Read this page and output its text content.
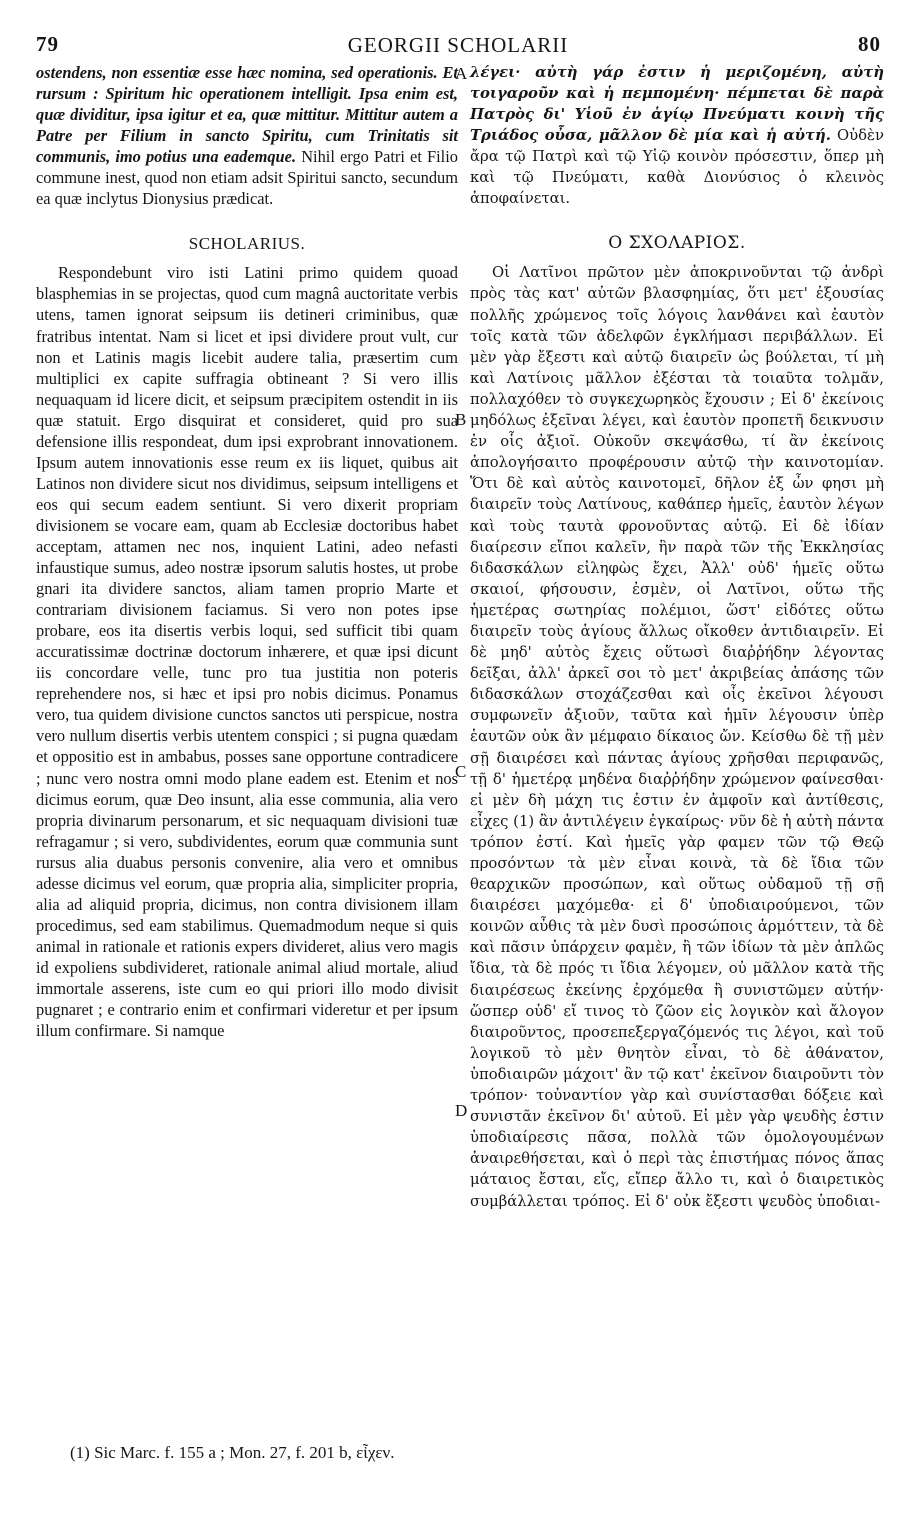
79	GEORGII SCHOLARII	80

ostendens, non essentiæ esse hæc nomina, sed operationis. Et rursum : Spiritum hic operationem intelligit. Ipsa enim est, quæ dividitur, ipsa igitur et ea, quæ mittitur. Mittitur autem a Patre per Filium in sancto Spiritu, cum Trinitatis sit communis, imo potius una eademque. Nihil ergo Patri et Filio commune inest, quod non etiam adsit Spiritui sancto, secundum ea quæ inclytus Dionysius prædicat.

SCHOLARIUS.

Respondebunt viro isti Latini primo quidem quoad blasphemias in se projectas, quod cum magnâ auctoritate verbis utens, tamen ignorat seipsum iis detineri criminibus, quæ fratribus intentat. Nam si licet et ipsi dividere prout vult, cur non et Latinis magis licebit audere talia, præsertim cum multiplici ex capite suffragia obtineant ? Si vero illis nequaquam id licere dicit, et seipsum præcipitem ostendit in iis quæ statuit. Ergo disquirat et consideret, quid pro sua defensione illis respondeat, dum ipsi exprobrant innovationem. Ipsum autem innovationis esse reum ex iis liquet, quibus ait Latinos non dividere sicut nos dividimus, seipsum intelligens et eos qui secum eadem sentiunt. Si vero dixerit propriam divisionem se vocare eam, quam ab Ecclesiæ doctoribus habet acceptam, attamen nec nos, inquient Latini, adeo nefasti infaustique sumus, adeo nostræ ipsorum salutis hostes, ut probe gnari ita dividere sanctos, aliam tamen proprio Marte et contrariam divisionem faciamus. Si vero non potes ipse probare, eos ita disertis verbis loqui, sed sufficit tibi quam accuratissimæ doctrinæ doctorum inhærere, et quæ ipsi dicunt iis concordare velle, tunc pro tua justitia non poteris reprehendere nos, si hæc et ipsi pro nobis dicimus. Ponamus vero, tua quidem divisione cunctos sanctos uti perspicue, nostra vero nullum disertis verbis utentem conspici ; si pugna quædam et oppositio est in ambabus, posses sane opportune contradicere ; nunc vero nostra omni modo plane eadem est. Etenim et nos dicimus eorum, quæ Deo insunt, alia esse communia, alia vero propria divinarum personarum, et sic nequaquam divisioni tuæ refragamur ; si vero, subdividentes, eorum quæ communia sunt rursus alia duabus personis convenire, alia vero et omnibus adesse dicimus vel eorum, quæ propria alia, simpliciter propria, alia ad aliquid propria, dicimus, non contra divisionem illam procedimus, sed eam stabilimus. Quemadmodum neque si quis animal in rationale et rationis expers divideret, alius vero magis id expoliens subdivideret, rationale animal aliud mortale, aliud immortale asserens, iste cum eo qui priori illo modo divisit pugnaret ; e contrario enim et confirmari videretur et per ipsum illum confirmare. Si namque

λέγει· αὐτὴ γάρ ἐστιν ἡ μεριζομένη, αὐτὴ τοιγαροῦν καὶ ἡ πεμπομένη· πέμπεται δὲ παρὰ Πατρὸς δι' Υἱοῦ ἐν ἁγίῳ Πνεύματι κοινὴ τῆς Τριάδος οὖσα, μᾶλλον δὲ μία καὶ ἡ αὐτή. Οὐδὲν ἄρα τῷ Πατρὶ καὶ τῷ Υἱῷ κοινὸν πρόσεστιν, ὅπερ μὴ καὶ τῷ Πνεύματι, καθὰ Διονύσιος ὁ κλεινὸς ἀποφαίνεται.

Ο ΣΧΟΛΑΡΙΟΣ.

Οἱ Λατῖνοι πρῶτον μὲν ἀποκρινοῦνται τῷ ἀνδρὶ πρὸς τὰς κατ' αὐτῶν βλασφημίας, ὅτι μετ' ἐξουσίας πολλῆς χρώμενος τοῖς λόγοις λανθάνει καὶ ἑαυτὸν τοῖς κατὰ τῶν ἀδελφῶν ἐγκλήμασι περιβάλλων. Εἰ μὲν γὰρ ἔξεστι καὶ αὐτῷ διαιρεῖν ὡς βούλεται, τί μὴ καὶ Λατίνοις μᾶλλον ἐξέσται τὰ τοιαῦτα τολμᾶν, πολλαχόθεν τὸ συγκεχωρηκὸς ἔχουσιν ; Εἰ δ' ἐκείνοις μηδόλως ἐξεῖναι λέγει, καὶ ἑαυτὸν προπετῆ δεικνυσιν ἐν οἷς ἀξιοῖ. Οὐκοῦν σκεψάσθω, τί ἂν ἐκείνοις ἀπολογήσαιτο προφέρουσιν αὐτῷ τὴν καινοτομίαν. Ὅτι δὲ καὶ αὐτὸς καινοτομεῖ, δῆλον ἐξ ὧν φησι μὴ διαιρεῖν τοὺς Λατίνους, καθάπερ ἡμεῖς, ἑαυτὸν λέγων καὶ τοὺς ταυτὰ φρονοῦντας αὐτῷ. Εἰ δὲ ἰδίαν διαίρεσιν εἴποι καλεῖν, ἣν παρὰ τῶν τῆς Ἐκκλησίας διδασκάλων εἰληφὼς ἔχει, Ἀλλ' οὐδ' ἡμεῖς οὕτω σκαιοί, φήσουσιν, ἐσμὲν, οἱ Λατῖνοι, οὕτω τῆς ἡμετέρας σωτηρίας πολέμιοι, ὥστ' εἰδότες οὕτω διαιρεῖν τοὺς ἁγίους ἄλλως οἴκοθεν ἀντιδιαιρεῖν. Εἰ δὲ μηδ' αὐτὸς ἔχεις οὕτωσὶ διαῤῥήδην λέγοντας δεῖξαι, ἀλλ' ἀρκεῖ σοι τὸ μετ' ἀκριβείας ἁπάσης τῶν διδασκάλων στοχάζεσθαι καὶ οἷς ἐκεῖνοι λέγουσι συμφωνεῖν ἀξιοῦν, ταῦτα καὶ ἡμῖν λέγουσιν ὑπὲρ ἑαυτῶν οὐκ ἂν μέμφαιο δίκαιος ὤν. Κείσθω δὲ τῇ μὲν σῇ διαιρέσει καὶ πάντας ἁγίους χρῆσθαι περιφανῶς, τῇ δ' ἡμετέρᾳ μηδένα διαῤῥήδην χρώμενον φαίνεσθαι· εἰ μὲν δὴ μάχη τις ἐστιν ἐν ἀμφοῖν καὶ ἀντίθεσις, εἶχες (1) ἂν ἀντιλέγειν ἐγκαίρως· νῦν δὲ ἡ αὐτὴ πάντα τρόπον ἐστί. Καὶ ἡμεῖς γὰρ φαμεν τῶν τῷ Θεῷ προσόντων τὰ μὲν εἶναι κοινὰ, τὰ δὲ ἴδια τῶν θεαρχικῶν προσώπων, καὶ οὕτως οὐδαμοῦ τῇ σῇ διαιρέσει μαχόμεθα· εἰ δ' ὑποδιαιρούμενοι, τῶν κοινῶν αὖθις τὰ μὲν δυσὶ προσώποις ἁρμόττειν, τὰ δὲ καὶ πᾶσιν ὑπάρχειν φαμὲν, ἢ τῶν ἰδίων τὰ μὲν ἁπλῶς ἴδια, τὰ δὲ πρός τι ἴδια λέγομεν, οὐ μᾶλλον κατὰ τῆς διαιρέσεως ἐκείνης ἐρχόμεθα ἢ συνιστῶμεν αὐτήν· ὥσπερ οὐδ' εἴ τινος τὸ ζῶον εἰς λογικὸν καὶ ἄλογον διαιροῦντος, προσεπεξεργαζόμενός τις λέγοι, καὶ τοῦ λογικοῦ τὸ μὲν θνητὸν εἶναι, τὸ δὲ ἀθάνατον, ὑποδιαιρῶν μάχοιτ' ἂν τῷ κατ' ἐκεῖνον διαιροῦντι τὸν τρόπον· τοὐναντίον γὰρ καὶ συνίστασθαι δόξειε καὶ συνιστᾶν ἐκεῖνον δι' αὐτοῦ. Εἰ μὲν γὰρ ψευδὴς ἐστιν ὑποδιαίρεσις πᾶσα, πολλὰ τῶν ὁμολογουμένων ἀναιρεθήσεται, καὶ ὁ περὶ τὰς ἐπιστήμας πόνος ἅπας μάταιος ἔσται, εἴς, εἴπερ ἄλλο τι, καὶ ὁ διαιρετικὸς συμβάλλεται τρόπος. Εἰ δ' οὐκ ἔξεστι ψευδὸς ὑποδιαι-

A
B
C
D
(1) Sic Marc. f. 155 a ; Mon. 27, f. 201 b, εἶχεν.
